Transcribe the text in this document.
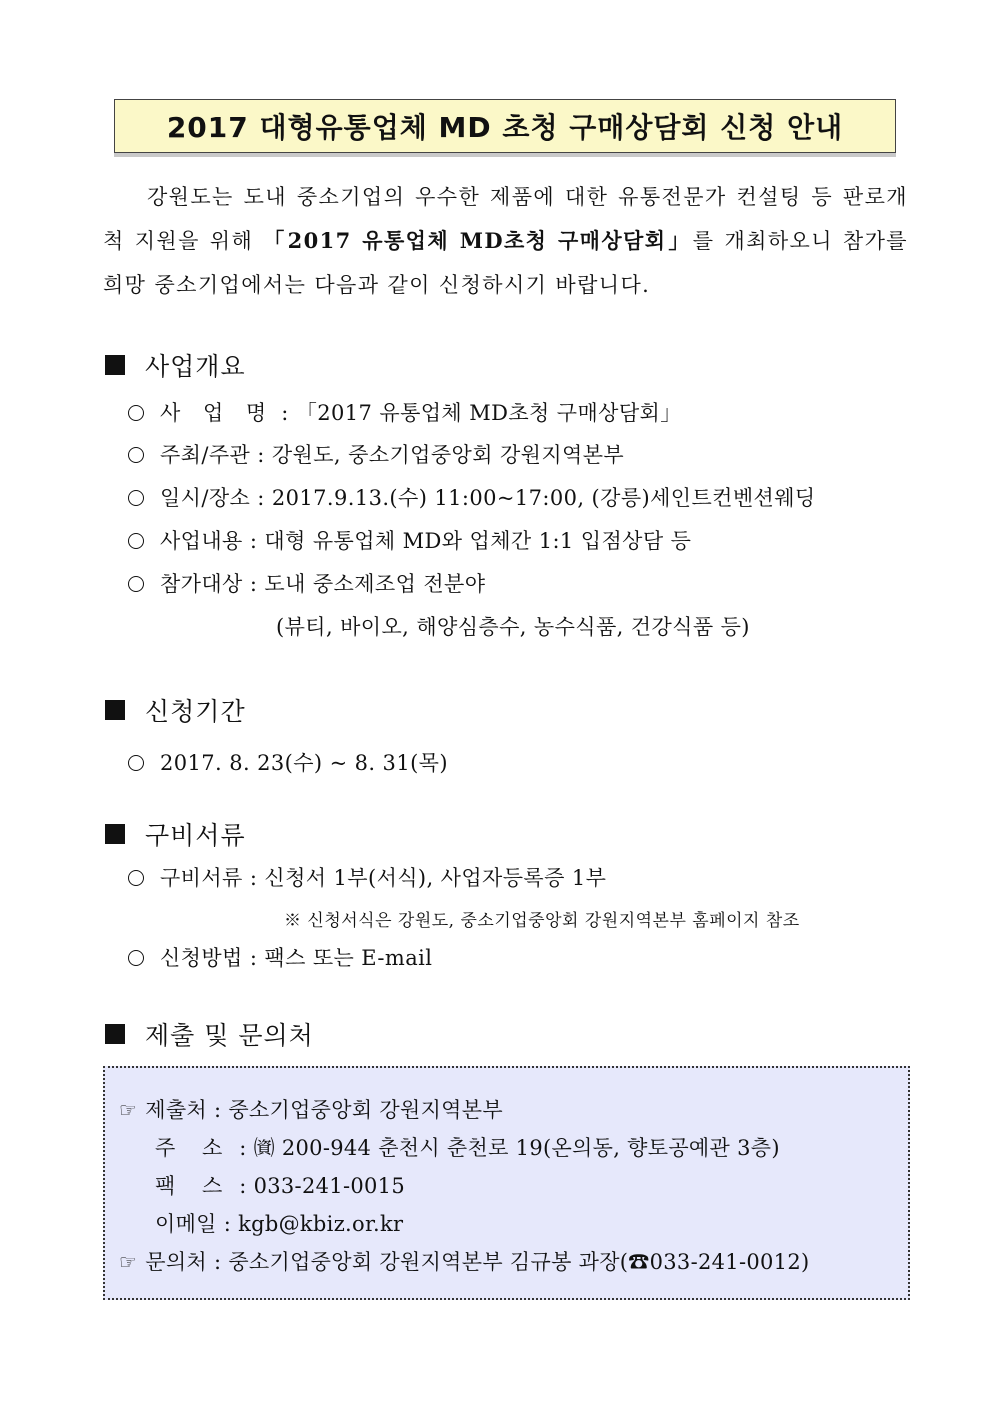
2017 대형유통업체 MD 초청 구매상담회 신청 안내
강원도는 도내 중소기업의 우수한 제품에 대한 유통전문가 컨설팅 등 판로개척 지원을 위해 「2017 유통업체 MD초청 구매상담회」를 개최하오니 참가를 희망 중소기업에서는 다음과 같이 신청하시기 바랍니다.
사업개요
사 업 명 : 「2017 유통업체 MD초청 구매상담회」
주최/주관 : 강원도, 중소기업중앙회 강원지역본부
일시/장소 : 2017.9.13.(수) 11:00~17:00, (강릉)세인트컨벤션웨딩
사업내용 : 대형 유통업체 MD와 업체간 1:1 입점상담 등
참가대상 : 도내 중소제조업 전분야
(뷰티, 바이오, 해양심층수, 농수식품, 건강식품 등)
신청기간
2017. 8. 23(수) ~ 8. 31(목)
구비서류
구비서류 : 신청서 1부(서식), 사업자등록증 1부
※ 신청서식은 강원도, 중소기업중앙회 강원지역본부 홈페이지 참조
신청방법 : 팩스 또는 E-mail
제출 및 문의처
☞ 제출처 : 중소기업중앙회 강원지역본부
주 소 : ㈾ 200-944 춘천시 춘천로 19(온의동, 향토공예관 3층)
팩 스 : 033-241-0015
이메일 : kgb@kbiz.or.kr
☞ 문의처 : 중소기업중앙회 강원지역본부 김규봉 과장(☎033-241-0012)
